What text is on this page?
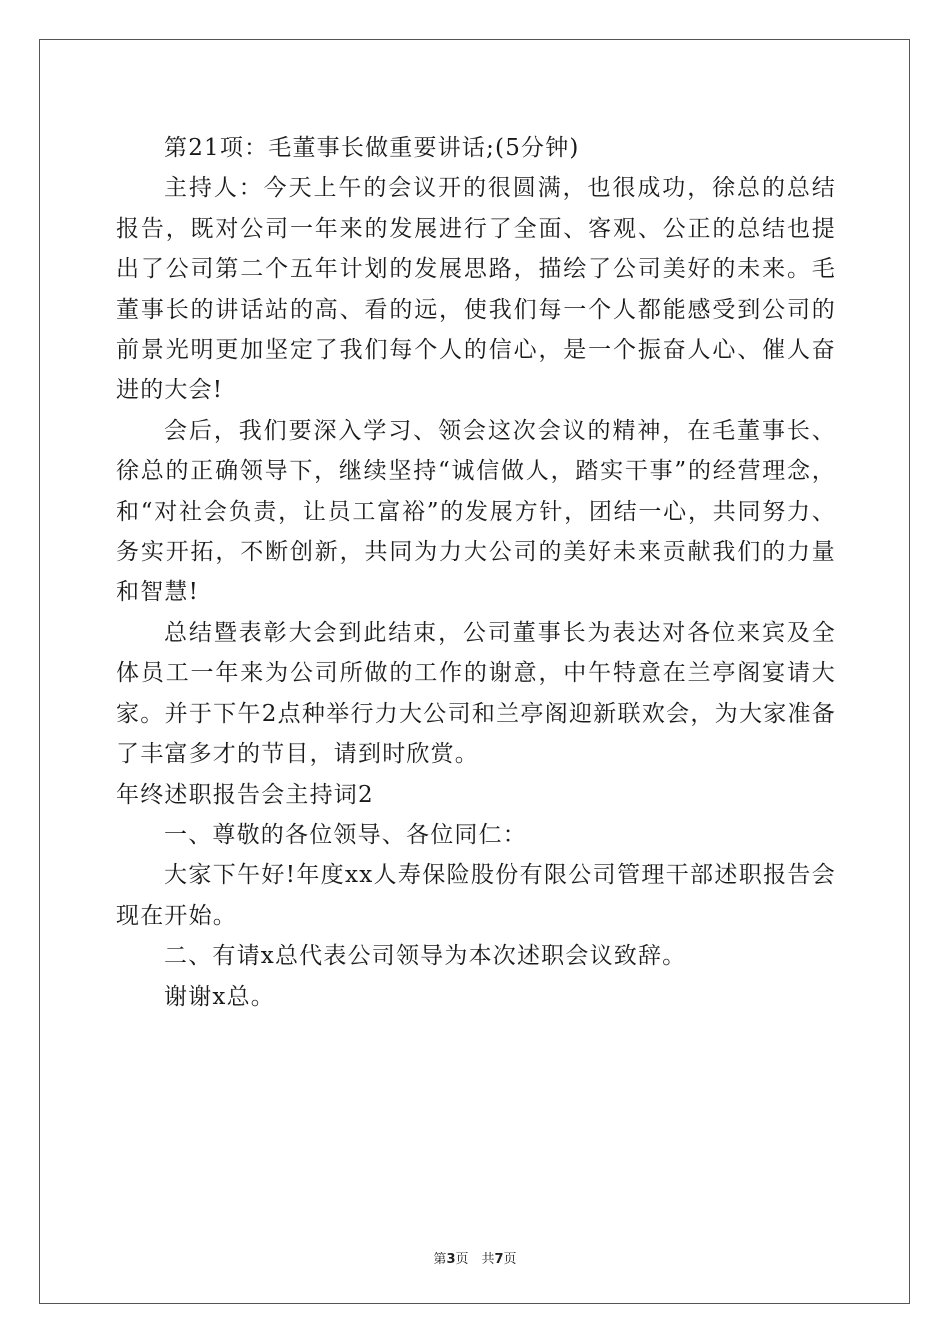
第21项：毛董事长做重要讲话;(5分钟)

主持人：今天上午的会议开的很圆满，也很成功，徐总的总结报告，既对公司一年来的发展进行了全面、客观、公正的总结也提出了公司第二个五年计划的发展思路，描绘了公司美好的未来。毛董事长的讲话站的高、看的远，使我们每一个人都能感受到公司的前景光明更加坚定了我们每个人的信心，是一个振奋人心、催人奋进的大会!

会后，我们要深入学习、领会这次会议的精神，在毛董事长、徐总的正确领导下，继续坚持“诚信做人，踏实干事”的经营理念，和“对社会负责，让员工富裕”的发展方针，团结一心，共同努力、务实开拓，不断创新，共同为力大公司的美好未来贡献我们的力量和智慧!

总结暨表彰大会到此结束，公司董事长为表达对各位来宾及全体员工一年来为公司所做的工作的谢意，中午特意在兰亭阁宴请大家。并于下午2点种举行力大公司和兰亭阁迎新联欢会，为大家准备了丰富多才的节目，请到时欣赏。

年终述职报告会主持词2

一、尊敬的各位领导、各位同仁：

大家下午好!年度xx人寿保险股份有限公司管理干部述职报告会现在开始。

二、有请x总代表公司领导为本次述职会议致辞。

谢谢x总。

第3页　共7页
